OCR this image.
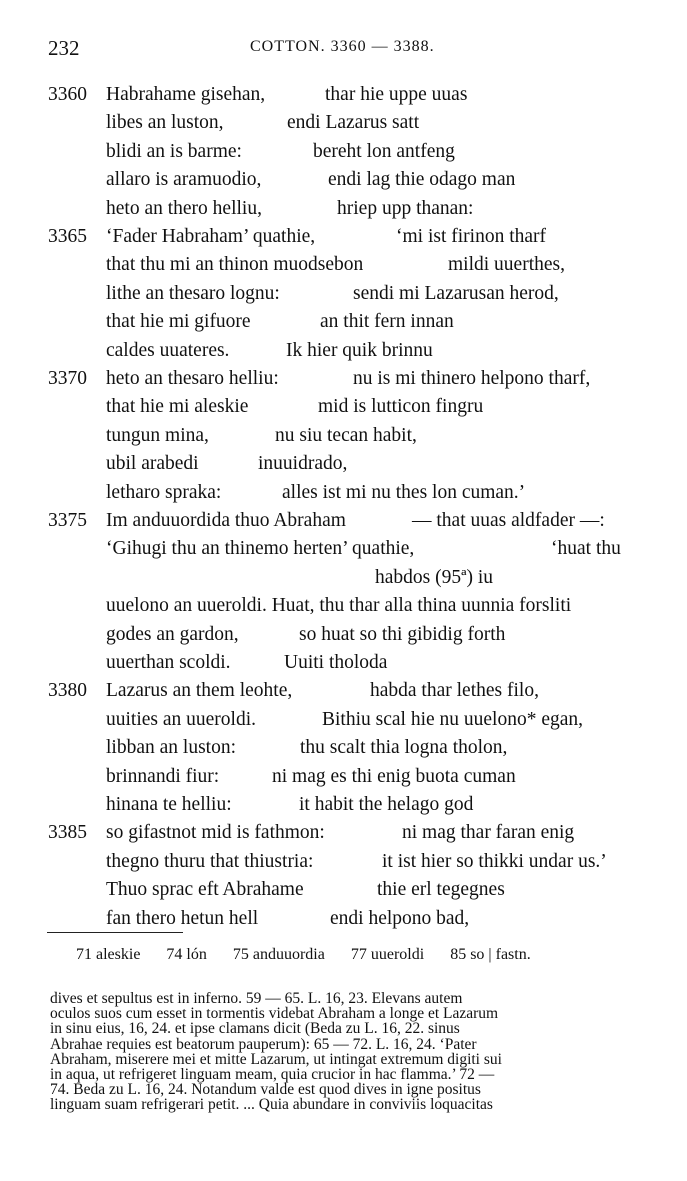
232	COTTON. 3360 — 3388.
3360 Habrahame gisehan,	thar hie uppe uuas
libes an luston,	endi Lazarus satt
blidi an is barme:	bereht lon antfeng
allaro is aramuodio,	endi lag thie odago man
heto an thero helliu,	hriep upp thanan:
3365 ‘Fader Habraham’ quathie,	‘mi ist firinon tharf
that thu mi an thinon muodsebon	mildi uuerthes,
lithe an thesaro lognu:	sendi mi Lazarusan herod,
that hie mi gifuore	an thit fern innan
caldes uuateres.	Ik hier quik brinnu
3370 heto an thesaro helliu:	nu is mi thinero helpono tharf,
that hie mi aleskie	mid is lutticon fingru
tungun mina,	nu siu tecan habit,
ubil arabedi	inuuidrado,
letharo spraka:	alles ist mi nu thes lon cuman.’
3375 Im anduuordida thuo Abraham	— that uuas aldfader —:
‘Gihugi thu an thinemo herten’ quathie,	‘huat thu
habdos (95ª) iu
uuelono an uueroldi. Huat, thu thar alla thina uunnia forsliti
godes an gardon,	so huat so thi gibidig forth
uuerthan scoldi.	Uuiti tholoda
3380 Lazarus an them leohte,	habda thar lethes filo,
uuities an uueroldi.	Bithiu scal hie nu uuelono* egan,
libban an luston:	thu scalt thia logna tholon,
brinnandi fiur:	ni mag es thi enig buota cuman
hinana te helliu:	it habit the helago god
3385 so gifastnot mid is fathmon:	ni mag thar faran enig
thegno thuru that thiustria:	it ist hier so thikki undar us.’
Thuo sprac eft Abrahame	thie erl tegegnes
fan thero hetun hell	endi helpono bad,
71 aleskie 74 lón 75 anduuordia 77 uueroldi 85 so | fastn.

dives et sepultus est in inferno. 59 — 65. L. 16, 23. Elevans autem

oculos suos cum esset in tormentis videbat Abraham a longe et Lazarum

in sinu eius, 16, 24. et ipse clamans dicit (Beda zu L. 16, 22. sinus

Abrahae requies est beatorum pauperum): 65 — 72. L. 16, 24. ‘Pater

Abraham, miserere mei et mitte Lazarum, ut intingat extremum digiti sui

in aqua, ut refrigeret linguam meam, quia crucior in hac flamma.’ 72 —

74. Beda zu L. 16, 24. Notandum valde est quod dives in igne positus

linguam suam refrigerari petit. ... Quia abundare in conviviis loquacitas
